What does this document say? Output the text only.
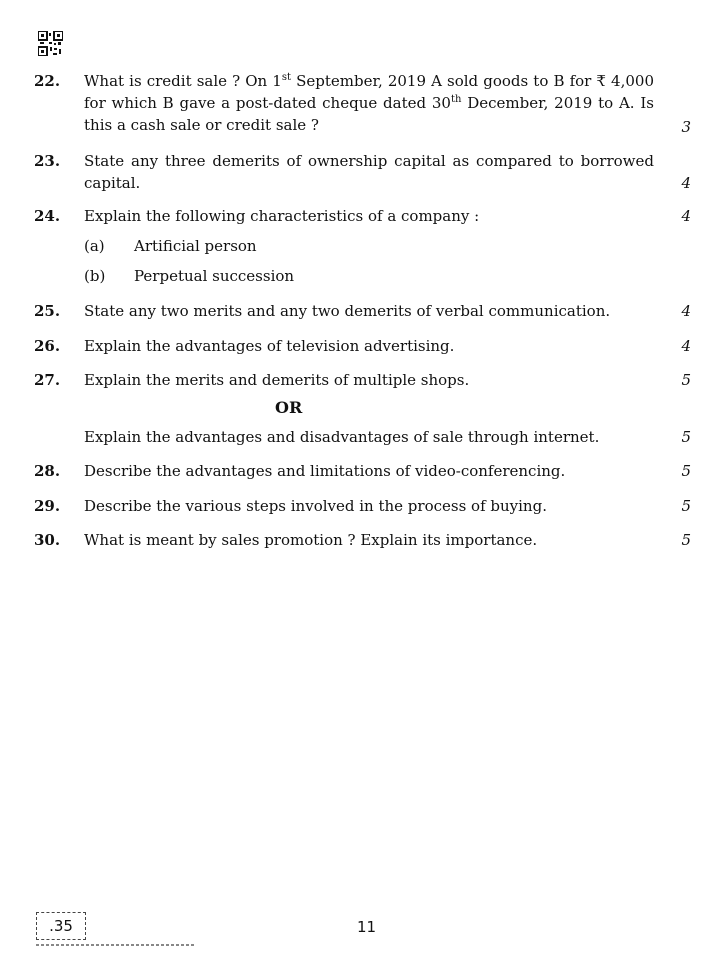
22. What is credit sale ? On 1st September, 2019 A sold goods to B for ₹ 4,000 for which B gave a post-dated cheque dated 30th December, 2019 to A. Is this a cash sale or credit sale ?	3
23. State any three demerits of ownership capital as compared to borrowed capital.	4
24. Explain the following characteristics of a company :	4
(a) Artificial person
(b) Perpetual succession
25. State any two merits and any two demerits of verbal communication.	4
26. Explain the advantages of television advertising.	4
27. Explain the merits and demerits of multiple shops.	5
OR
Explain the advantages and disadvantages of sale through internet.	5
28. Describe the advantages and limitations of video-conferencing.	5
29. Describe the various steps involved in the process of buying.	5
30. What is meant by sales promotion ? Explain its importance.	5
.35	11
